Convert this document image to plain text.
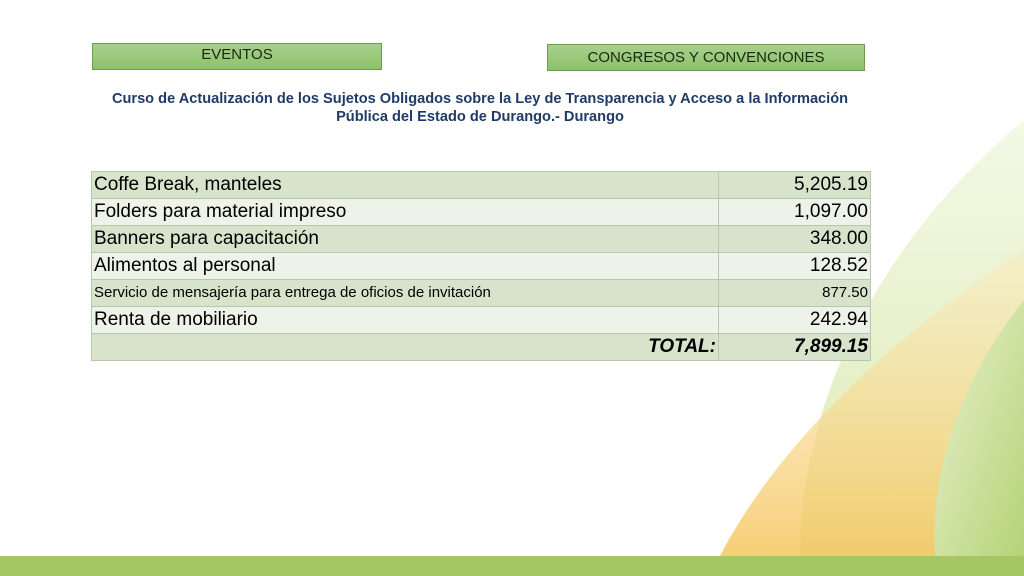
EVENTOS	CONGRESOS Y CONVENCIONES
Curso de Actualización de los Sujetos Obligados sobre la Ley de Transparencia y Acceso a la Información
Pública del Estado de Durango.- Durango
Coffe Break, manteles	5,205.19
Folders para material impreso	1,097.00
Banners para capacitación	348.00
Alimentos al personal	128.52
Servicio de mensajería para entrega de oficios de invitación	877.50
Renta de mobiliario	242.94
TOTAL:	7,899.15
